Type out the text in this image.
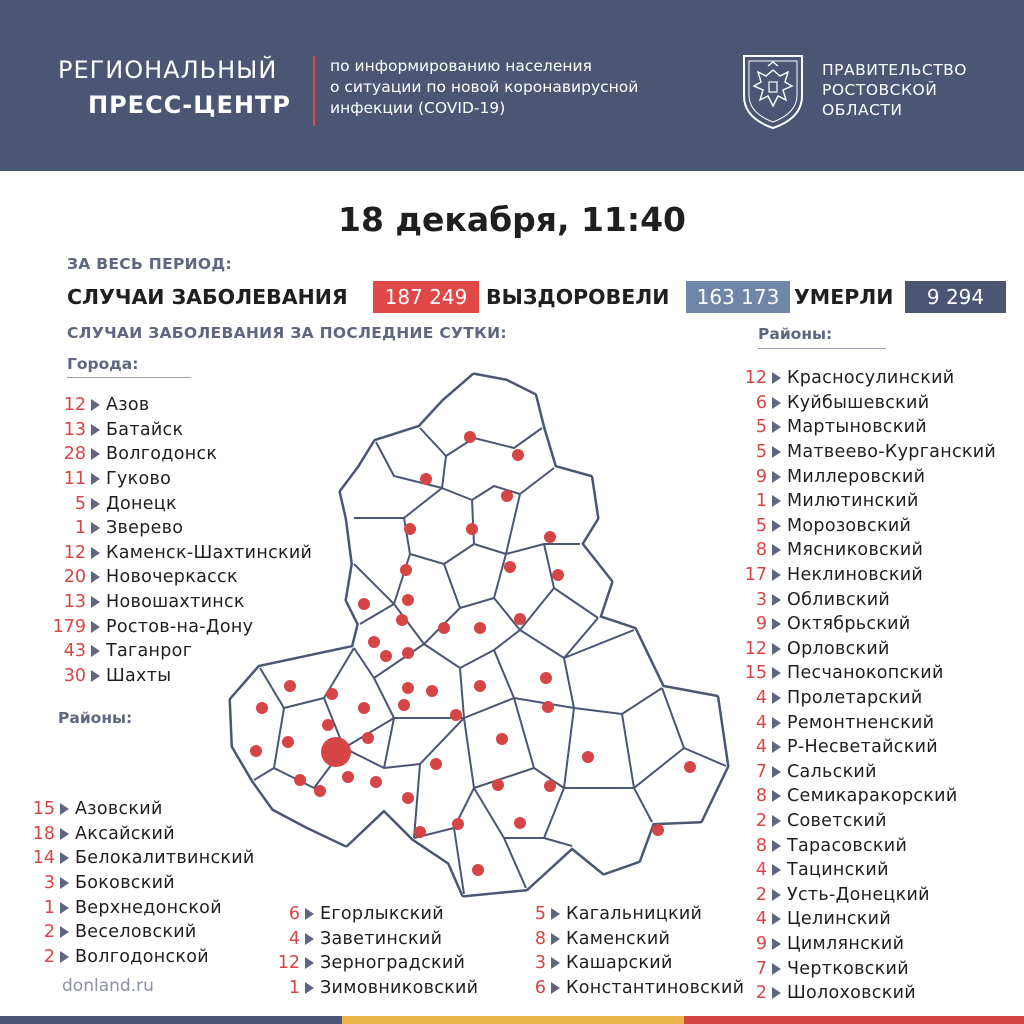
РЕГИОНАЛЬНЫЙ
ПРЕСС-ЦЕНТР
по информированию населения
о ситуации по новой коронавирусной
инфекции (COVID-19)
ПРАВИТЕЛЬСТВО
РОСТОВСКОЙ
ОБЛАСТИ
18 декабря, 11:40
ЗА ВЕСЬ ПЕРИОД:
СЛУЧАИ ЗАБОЛЕВАНИЯ	187 249 ВЫЗДОРОВЕЛИ	163 173 УМЕРЛИ	9 294
СЛУЧАИ ЗАБОЛЕВАНИЯ ЗА ПОСЛЕДНИЕ СУТКИ:
Города:
12 Азов
13 Батайск
28 Волгодонск
11 Гуково
5 Донецк
1 Зверево
12 Каменск-Шахтинский
20 Новочеркасск
13 Новошахтинск
179 Ростов-на-Дону
43 Таганрог
30 Шахты
Районы:
15 Азовский
18 Аксайский
14 Белокалитвинский
3 Боковский
1 Верхнедонской
2 Веселовский
2 Волгодонской
6 Егорлыкский
4 Заветинский
12 Зерноградский
1 Зимовниковский
5 Кагальницкий
8 Каменский
3 Кашарский
6 Константиновский
Районы:
12 Красносулинский
6 Куйбышевский
5 Мартыновский
5 Матвеево-Курганский
9 Миллеровский
1 Милютинский
5 Морозовский
8 Мясниковский
17 Неклиновский
3 Обливский
9 Октябрьский
12 Орловский
15 Песчанокопский
4 Пролетарский
4 Ремонтненский
4 Р-Несветайский
7 Сальский
8 Семикаракорский
2 Советский
8 Тарасовский
4 Тацинский
2 Усть-Донецкий
4 Целинский
9 Цимлянский
7 Чертковский
2 Шолоховский
donland.ru
